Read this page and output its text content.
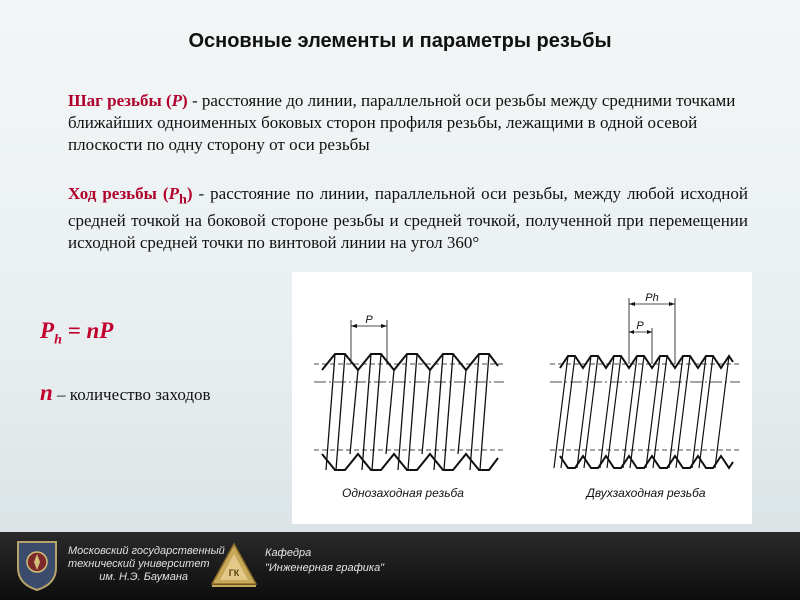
Основные элементы и параметры резьбы
Шаг резьбы (P) - расстояние до линии, параллельной оси резьбы между средними точками ближайших одноименных боковых сторон профиля резьбы, лежащими в одной осевой плоскости по одну сторону от оси резьбы
Ход резьбы $(P_h)$ - расстояние по линии, параллельной оси резьбы, между любой исходной средней точкой на боковой стороне резьбы и средней точкой, полученной при перемещении исходной средней точки по винтовой линии на угол 360°
$P_h$ = nP
n – количество заходов
P	P
Ph
Однозаходная резьба	Двухзаходная резьба
Московский государственный
технический университет
им. Н.Э. Баумана	ГК
Кафедра
"Инженерная графика"
